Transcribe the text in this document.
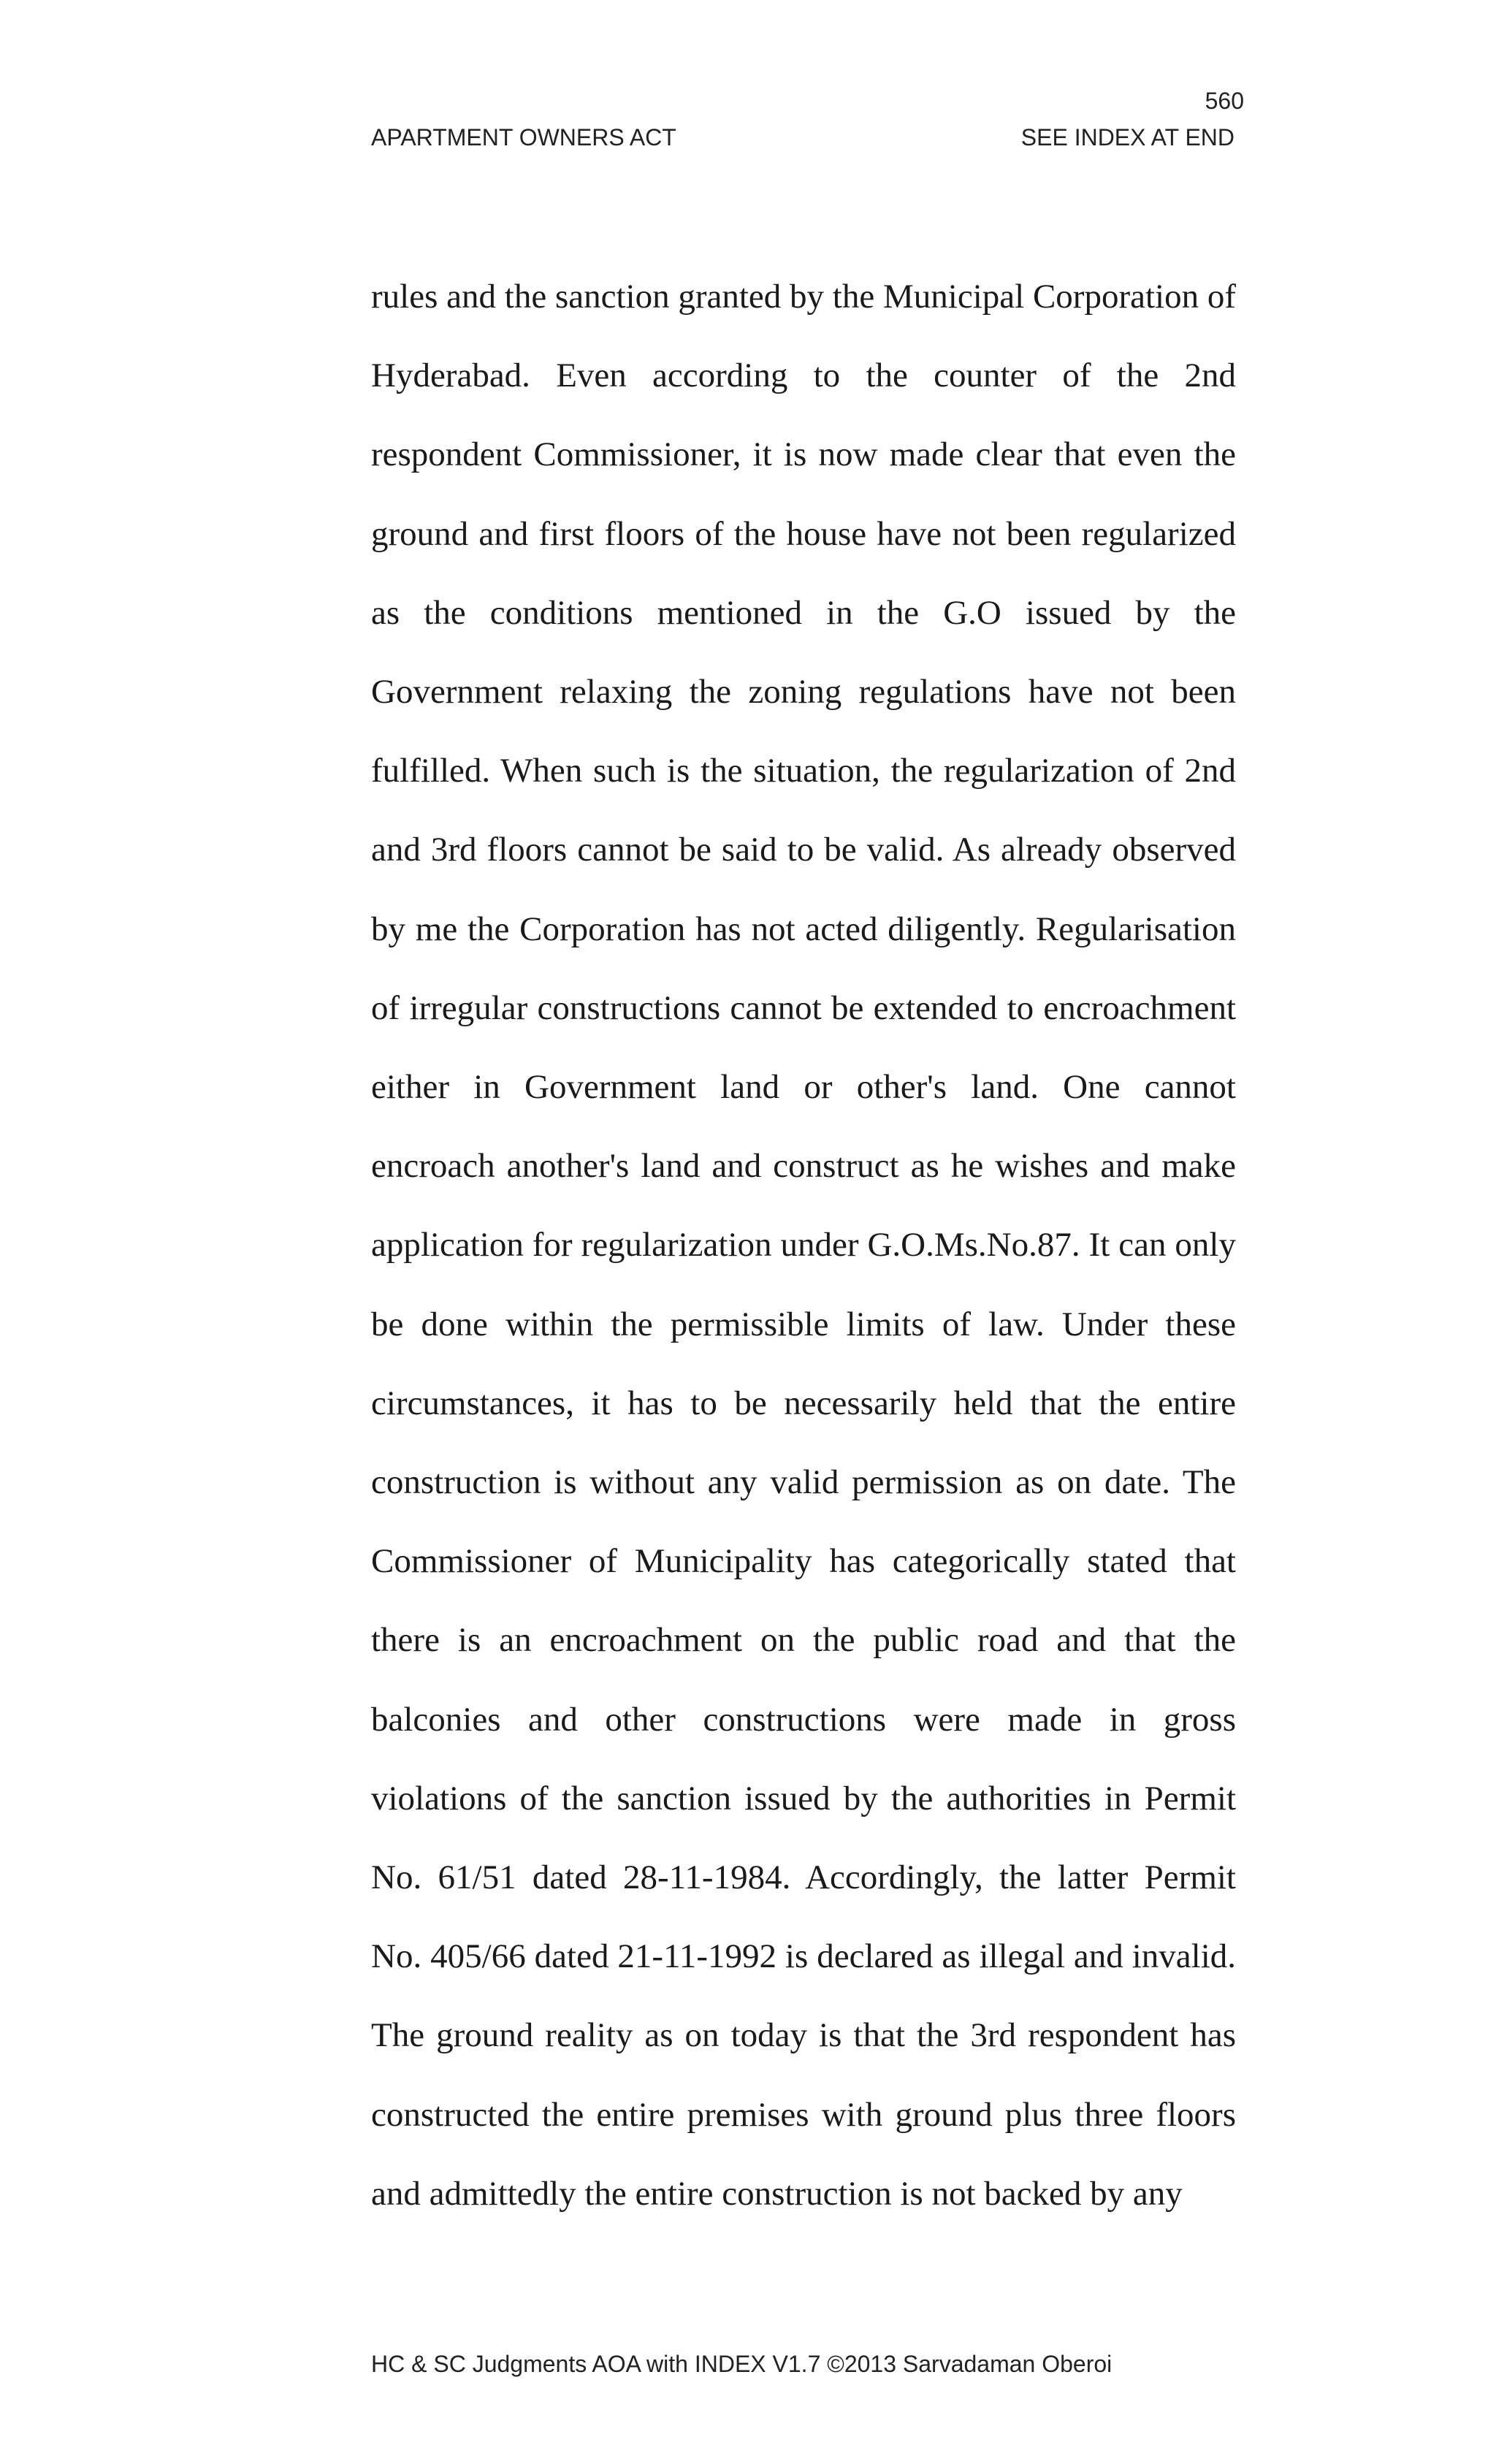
560
APARTMENT OWNERS ACT	SEE INDEX AT END

rules and the sanction granted by the Municipal Corporation of Hyderabad. Even according to the counter of the 2nd respondent Commissioner, it is now made clear that even the ground and first floors of the house have not been regularized as the conditions mentioned in the G.O issued by the Government relaxing the zoning regulations have not been fulfilled. When such is the situation, the regularization of 2nd and 3rd floors cannot be said to be valid. As already observed by me the Corporation has not acted diligently. Regularisation of irregular constructions cannot be extended to encroachment either in Government land or other's land. One cannot encroach another's land and construct as he wishes and make application for regularization under G.O.Ms.No.87. It can only be done within the permissible limits of law. Under these circumstances, it has to be necessarily held that the entire construction is without any valid permission as on date. The Commissioner of Municipality has categorically stated that there is an encroachment on the public road and that the balconies and other constructions were made in gross violations of the sanction issued by the authorities in Permit No. 61/51 dated 28-11-1984. Accordingly, the latter Permit No. 405/66 dated 21-11-1992 is declared as illegal and invalid. The ground reality as on today is that the 3rd respondent has constructed the entire premises with ground plus three floors and admittedly the entire construction is not backed by any

HC & SC Judgments AOA with INDEX V1.7 ©2013 Sarvadaman Oberoi
